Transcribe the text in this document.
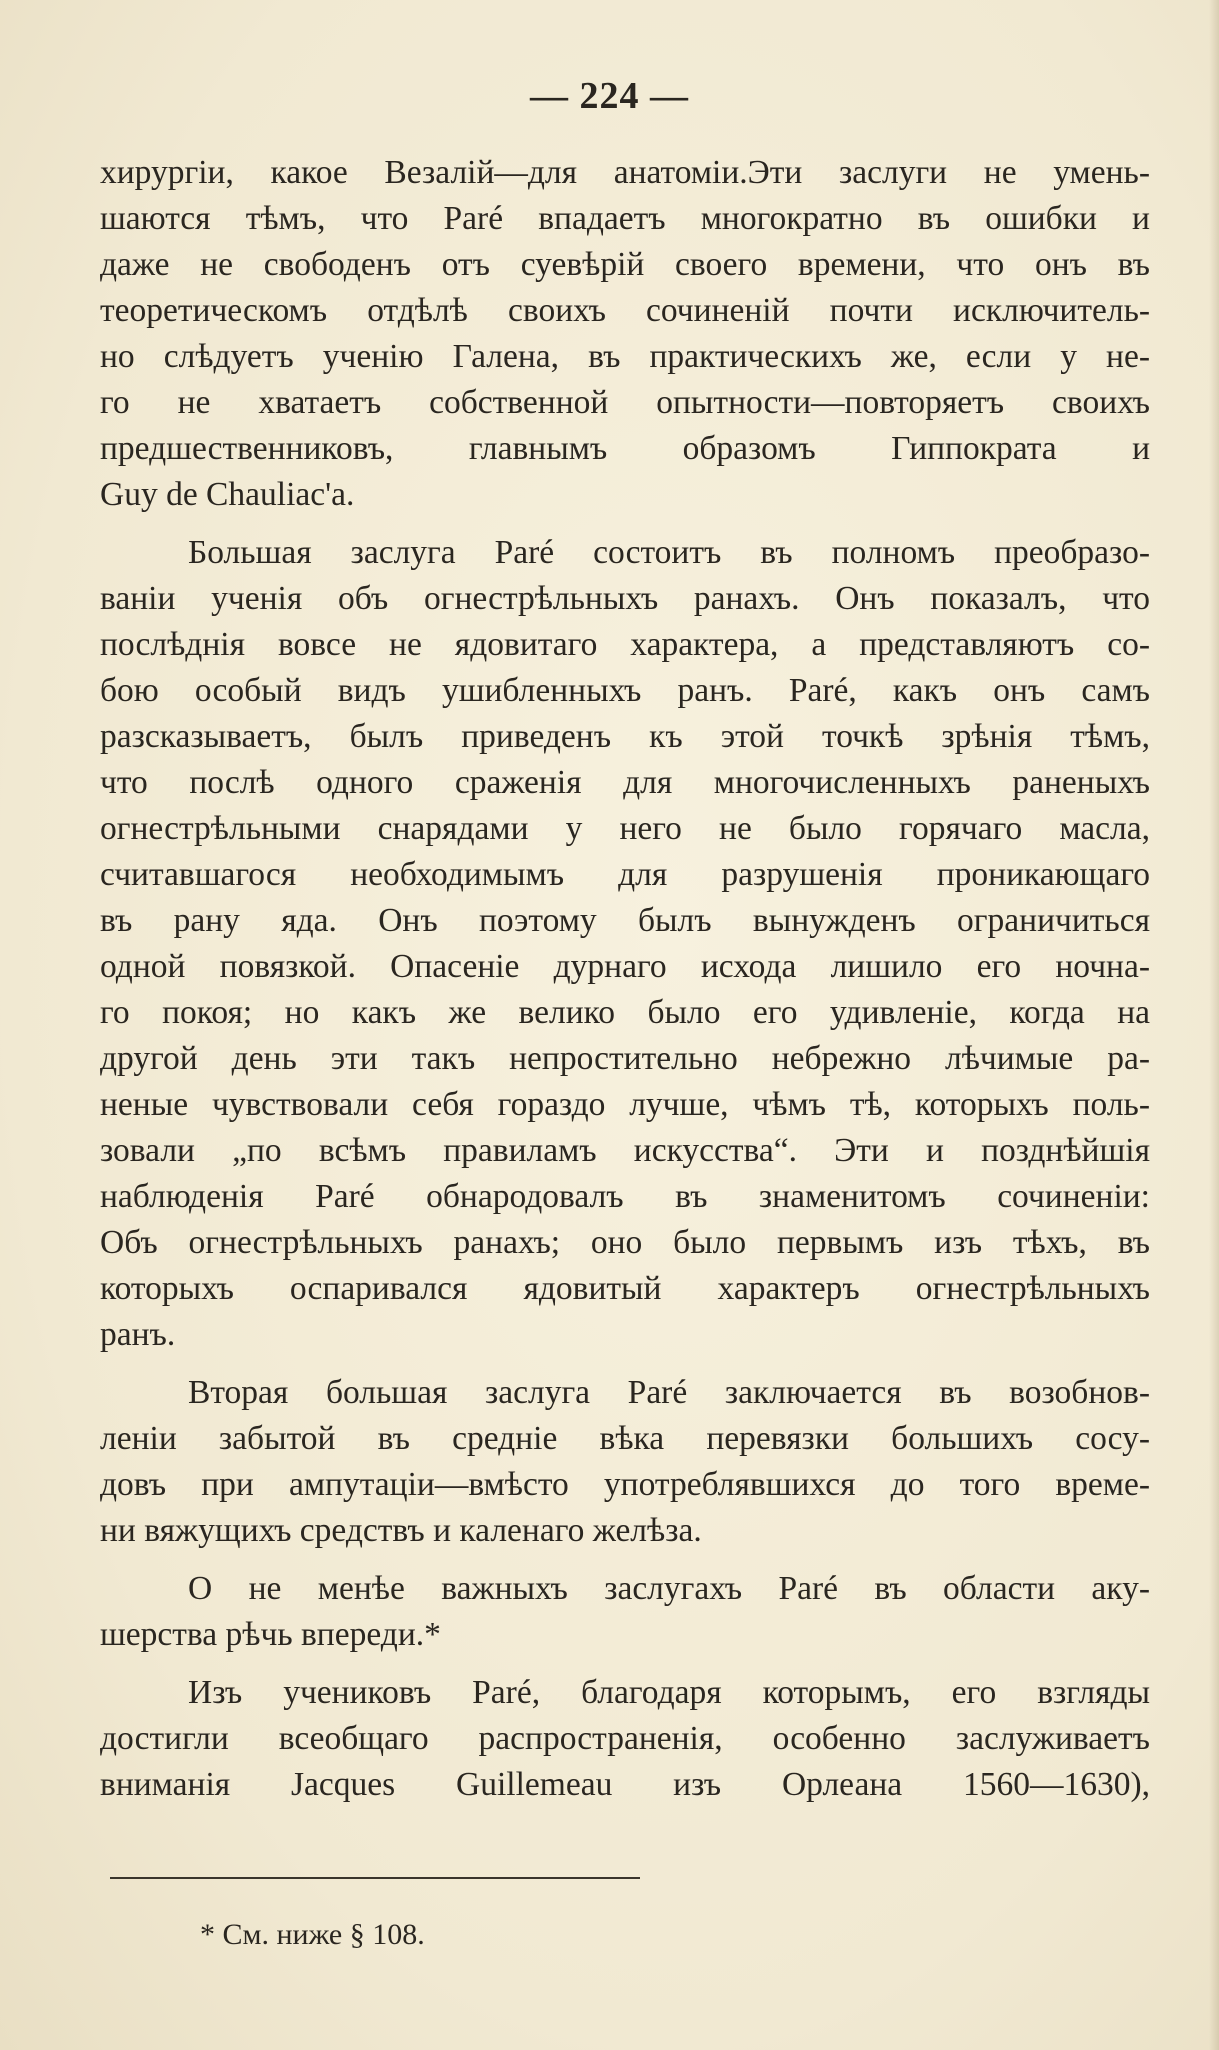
— 224 —
хирургіи, какое Везалій—для анатоміи.Эти заслуги не умень-
шаются тѣмъ, что Paré впадаетъ многократно въ ошибки и
даже не свободенъ отъ суевѣрій своего времени, что онъ въ
теоретическомъ отдѣлѣ своихъ сочиненій почти исключитель-
но слѣдуетъ ученію Галена, въ практическихъ же, если у не-
го не хватаетъ собственной опытности—повторяетъ своихъ
предшественниковъ, главнымъ образомъ Гиппократа и
Guy de Chauliac'a.
Большая заслуга Paré состоитъ въ полномъ преобразо-
ваніи ученія объ огнестрѣльныхъ ранахъ. Онъ показалъ, что
послѣднія вовсе не ядовитаго характера, а представляютъ со-
бою особый видъ ушибленныхъ ранъ. Paré, какъ онъ самъ
разсказываетъ, былъ приведенъ къ этой точкѣ зрѣнія тѣмъ,
что послѣ одного сраженія для многочисленныхъ раненыхъ
огнестрѣльными снарядами у него не было горячаго масла,
считавшагося необходимымъ для разрушенія проникающаго
въ рану яда. Онъ поэтому былъ вынужденъ ограничиться
одной повязкой. Опасеніе дурнаго исхода лишило его ночна-
го покоя; но какъ же велико было его удивленіе, когда на
другой день эти такъ непростительно небрежно лѣчимые ра-
неные чувствовали себя гораздо лучше, чѣмъ тѣ, которыхъ поль-
зовали „по всѣмъ правиламъ искусства“. Эти и позднѣйшія
наблюденія Paré обнародовалъ въ знаменитомъ сочиненіи:
Объ огнестрѣльныхъ ранахъ; оно было первымъ изъ тѣхъ, въ
которыхъ оспаривался ядовитый характеръ огнестрѣльныхъ
ранъ.
Вторая большая заслуга Paré заключается въ возобнов-
леніи забытой въ средніе вѣка перевязки большихъ сосу-
довъ при ампутаціи—вмѣсто употреблявшихся до того време-
ни вяжущихъ средствъ и каленаго желѣза.
О не менѣе важныхъ заслугахъ Paré въ области аку-
шерства рѣчь впереди.*
Изъ учениковъ Paré, благодаря которымъ, его взгляды
достигли всеобщаго распространенія, особенно заслуживаетъ
вниманія Jacques Guillemeau изъ Орлеана 1560—1630),
* См. ниже § 108.
